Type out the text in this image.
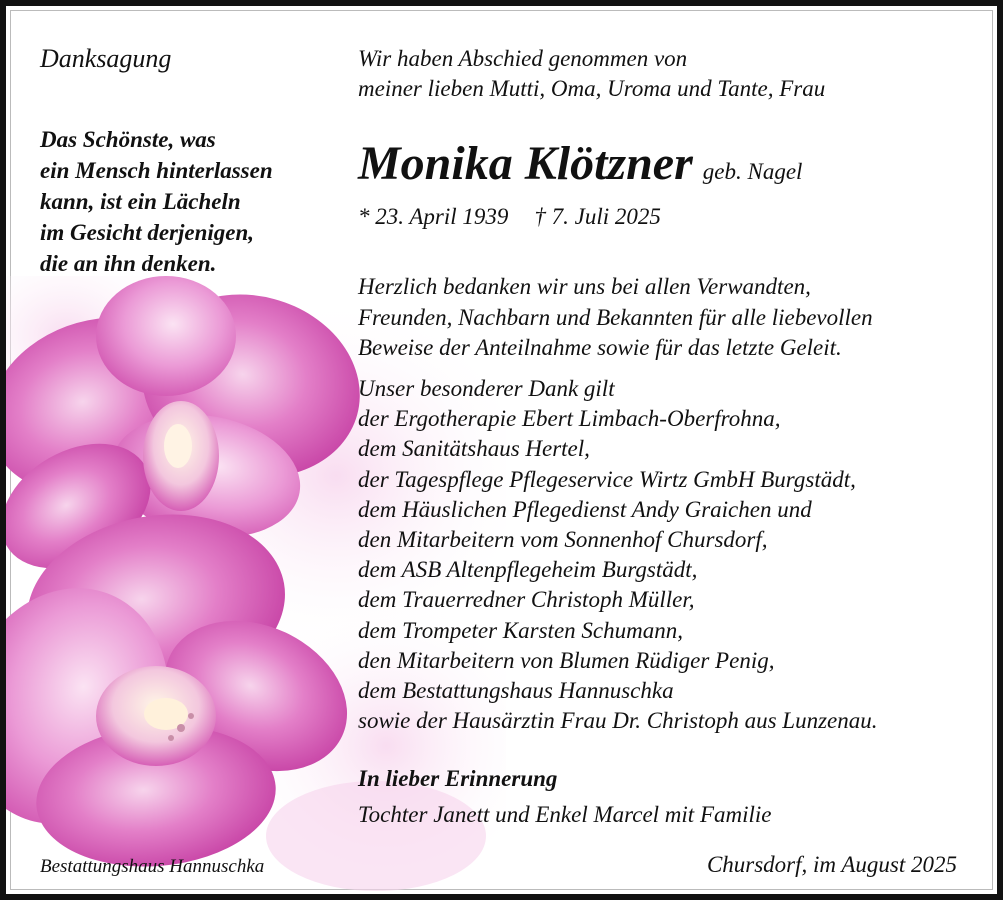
Danksagung
Das Schönste, was
ein Mensch hinterlassen
kann, ist ein Lächeln
im Gesicht derjenigen,
die an ihn denken.
Bestattungshaus Hannuschka
Wir haben Abschied genommen von
meiner lieben Mutti, Oma, Uroma und Tante, Frau
Monika Klötzner geb. Nagel
* 23. April 1939 † 7. Juli 2025
Herzlich bedanken wir uns bei allen Verwandten,
Freunden, Nachbarn und Bekannten für alle liebevollen
Beweise der Anteilnahme sowie für das letzte Geleit.
Unser besonderer Dank gilt
der Ergotherapie Ebert Limbach-Oberfrohna,
dem Sanitätshaus Hertel,
der Tagespflege Pflegeservice Wirtz GmbH Burgstädt,
dem Häuslichen Pflegedienst Andy Graichen und
den Mitarbeitern vom Sonnenhof Chursdorf,
dem ASB Altenpflegeheim Burgstädt,
dem Trauerredner Christoph Müller,
dem Trompeter Karsten Schumann,
den Mitarbeitern von Blumen Rüdiger Penig,
dem Bestattungshaus Hannuschka
sowie der Hausärztin Frau Dr. Christoph aus Lunzenau.
In lieber Erinnerung
Tochter Janett und Enkel Marcel mit Familie
Chursdorf, im August 2025
